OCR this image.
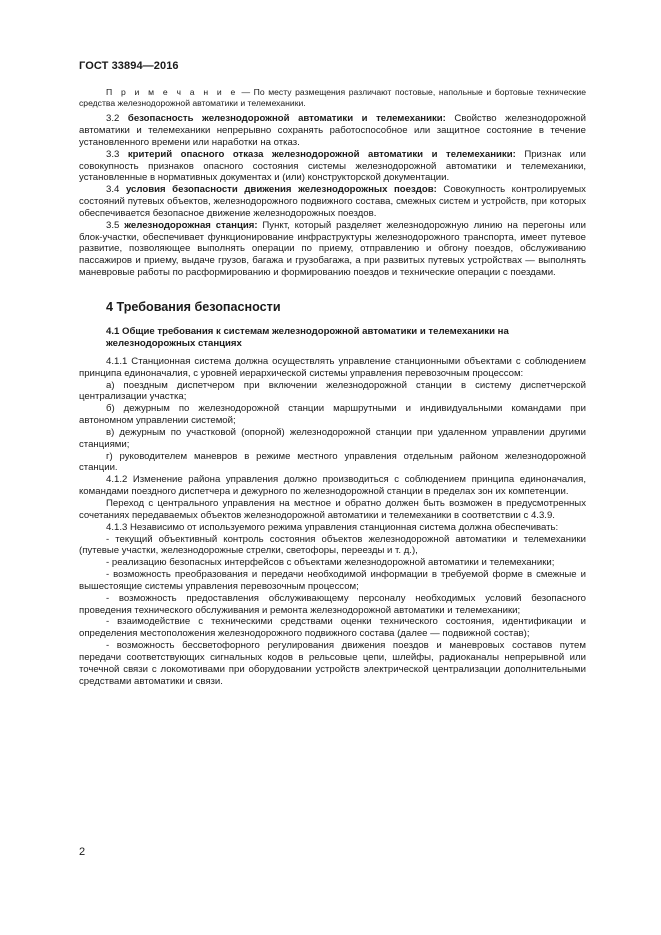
ГОСТ 33894—2016

П р и м е ч а н и е — По месту размещения различают постовые, напольные и бортовые технические средства железнодорожной автоматики и телемеханики.

3.2 безопасность железнодорожной автоматики и телемеханики: Свойство железнодорожной автоматики и телемеханики непрерывно сохранять работоспособное или защитное состояние в течение установленного времени или наработки на отказ.

3.3 критерий опасного отказа железнодорожной автоматики и телемеханики: Признак или совокупность признаков опасного состояния системы железнодорожной автоматики и телемеханики, установленные в нормативных документах и (или) конструкторской документации.

3.4 условия безопасности движения железнодорожных поездов: Совокупность контролируемых состояний путевых объектов, железнодорожного подвижного состава, смежных систем и устройств, при которых обеспечивается безопасное движение железнодорожных поездов.

3.5 железнодорожная станция: Пункт, который разделяет железнодорожную линию на перегоны или блок-участки, обеспечивает функционирование инфраструктуры железнодорожного транспорта, имеет путевое развитие, позволяющее выполнять операции по приему, отправлению и обгону поездов, обслуживанию пассажиров и приему, выдаче грузов, багажа и грузобагажа, а при развитых путевых устройствах — выполнять маневровые работы по расформированию и формированию поездов и технические операции с поездами.

4 Требования безопасности

4.1 Общие требования к системам железнодорожной автоматики и телемеханики на железнодорожных станциях

4.1.1 Станционная система должна осуществлять управление станционными объектами с соблюдением принципа единоначалия, с уровней иерархической системы управления перевозочным процессом:

а) поездным диспетчером при включении железнодорожной станции в систему диспетчерской централизации участка;

б) дежурным по железнодорожной станции маршрутными и индивидуальными командами при автономном управлении системой;

в) дежурным по участковой (опорной) железнодорожной станции при удаленном управлении другими станциями;

г) руководителем маневров в режиме местного управления отдельным районом железнодорожной станции.

4.1.2 Изменение района управления должно производиться с соблюдением принципа единоначалия, командами поездного диспетчера и дежурного по железнодорожной станции в пределах зон их компетенции.

Переход с центрального управления на местное и обратно должен быть возможен в предусмотренных сочетаниях передаваемых объектов железнодорожной автоматики и телемеханики в соответствии с 4.3.9.

4.1.3 Независимо от используемого режима управления станционная система должна обеспечивать:

- текущий объективный контроль состояния объектов железнодорожной автоматики и телемеханики (путевые участки, железнодорожные стрелки, светофоры, переезды и т. д.),

- реализацию безопасных интерфейсов с объектами железнодорожной автоматики и телемеханики;

- возможность преобразования и передачи необходимой информации в требуемой форме в смежные и вышестоящие системы управления перевозочным процессом;

- возможность предоставления обслуживающему персоналу необходимых условий безопасного проведения технического обслуживания и ремонта железнодорожной автоматики и телемеханики;

- взаимодействие с техническими средствами оценки технического состояния, идентификации и определения местоположения железнодорожного подвижного состава (далее — подвижной состав);

- возможность бессветофорного регулирования движения поездов и маневровых составов путем передачи соответствующих сигнальных кодов в рельсовые цепи, шлейфы, радиоканалы непрерывной или точечной связи с локомотивами при оборудовании устройств электрической централизации дополнительными средствами автоматики и связи.

2
